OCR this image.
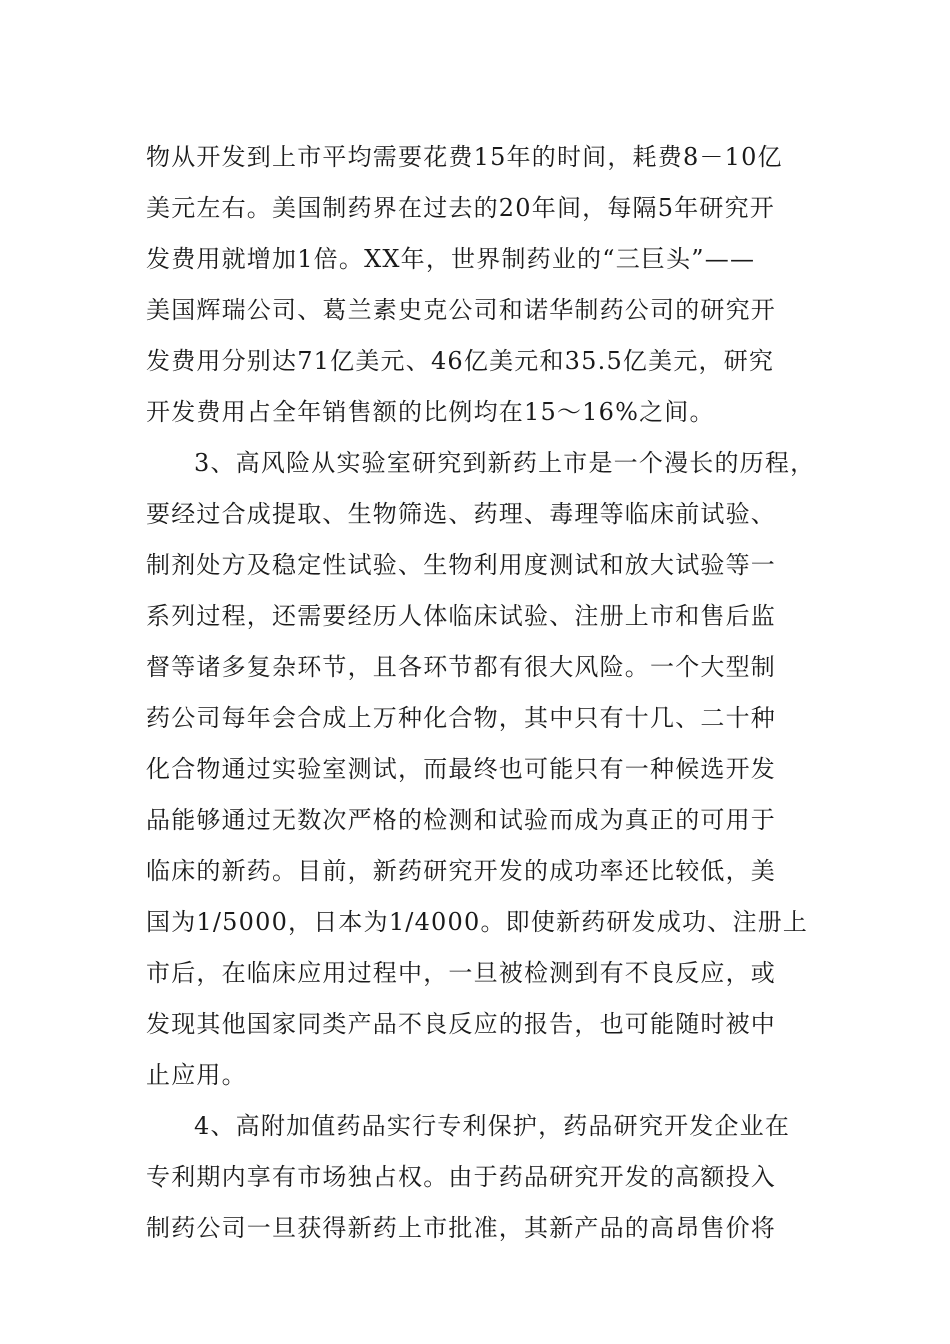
物从开发到上市平均需要花费15年的时间，耗费8－10亿
美元左右。美国制药界在过去的20年间，每隔5年研究开
发费用就增加1倍。XX年，世界制药业的“三巨头”——
美国辉瑞公司、葛兰素史克公司和诺华制药公司的研究开
发费用分别达71亿美元、46亿美元和35.5亿美元，研究
开发费用占全年销售额的比例均在15～16%之间。
3、高风险从实验室研究到新药上市是一个漫长的历程，
要经过合成提取、生物筛选、药理、毒理等临床前试验、
制剂处方及稳定性试验、生物利用度测试和放大试验等一
系列过程，还需要经历人体临床试验、注册上市和售后监
督等诸多复杂环节，且各环节都有很大风险。一个大型制
药公司每年会合成上万种化合物，其中只有十几、二十种
化合物通过实验室测试，而最终也可能只有一种候选开发
品能够通过无数次严格的检测和试验而成为真正的可用于
临床的新药。目前，新药研究开发的成功率还比较低，美
国为1/5000，日本为1/4000。即使新药研发成功、注册上
市后，在临床应用过程中，一旦被检测到有不良反应，或
发现其他国家同类产品不良反应的报告，也可能随时被中
止应用。
4、高附加值药品实行专利保护，药品研究开发企业在
专利期内享有市场独占权。由于药品研究开发的高额投入
制药公司一旦获得新药上市批准，其新产品的高昂售价将
